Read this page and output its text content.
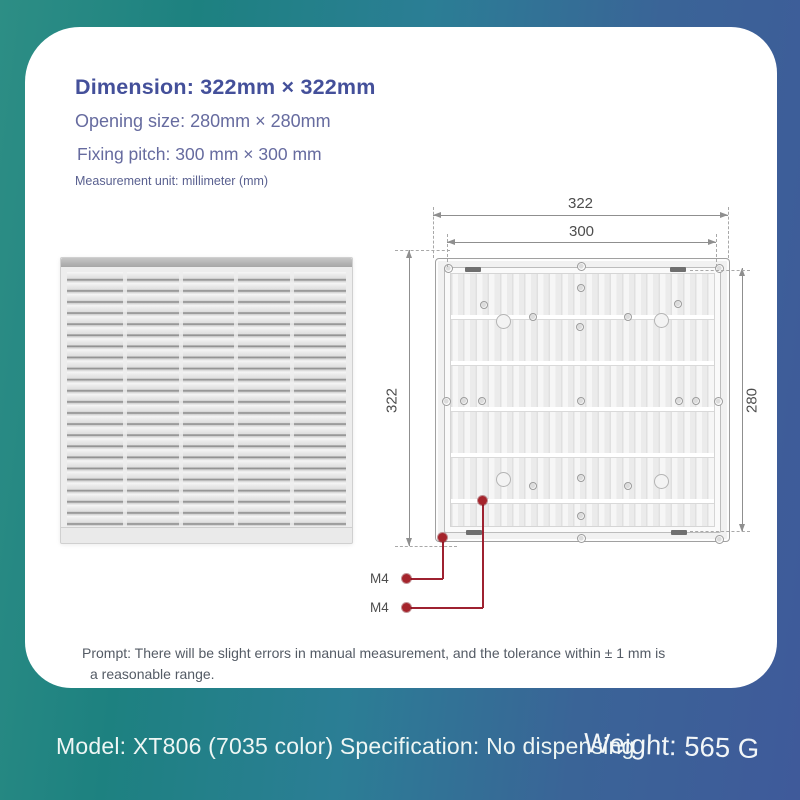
Dimension: 322mm × 322mm
Opening size: 280mm × 280mm
Fixing pitch: 300 mm × 300 mm
Measurement unit: millimeter (mm)
322
300
322	280
M4
M4
Prompt: There will be slight errors in manual measurement, and the tolerance within ± 1 mm is
a reasonable range.
Model: XT806 (7035 color) Specification: No dispensing
Weight: 565 G
